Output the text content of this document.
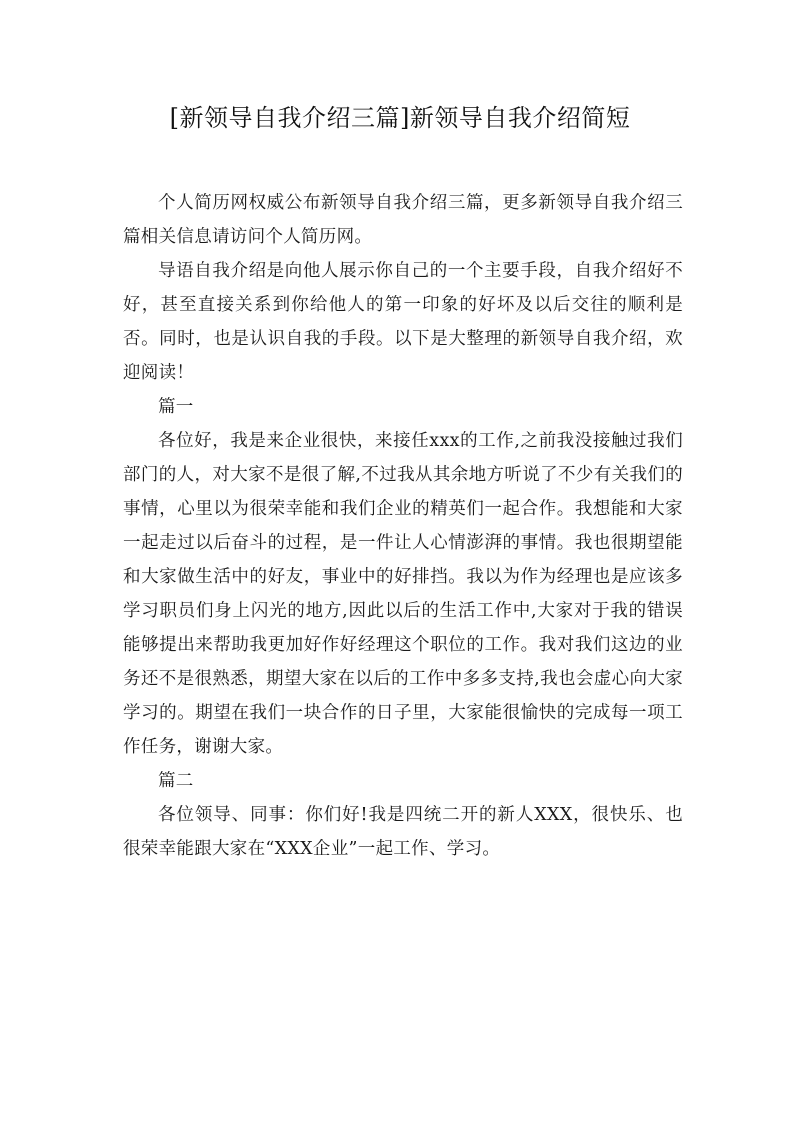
[新领导自我介绍三篇]新领导自我介绍简短

个人简历网权威公布新领导自我介绍三篇，更多新领导自我介绍三篇相关信息请访问个人简历网。

导语自我介绍是向他人展示你自己的一个主要手段，自我介绍好不好，甚至直接关系到你给他人的第一印象的好坏及以后交往的顺利是否。同时，也是认识自我的手段。以下是大整理的新领导自我介绍，欢迎阅读！

篇一

各位好，我是来企业很快，来接任xxx的工作,之前我没接触过我们部门的人，对大家不是很了解,不过我从其余地方听说了不少有关我们的事情，心里以为很荣幸能和我们企业的精英们一起合作。我想能和大家一起走过以后奋斗的过程，是一件让人心情澎湃的事情。我也很期望能和大家做生活中的好友，事业中的好排挡。我以为作为经理也是应该多学习职员们身上闪光的地方,因此以后的生活工作中,大家对于我的错误能够提出来帮助我更加好作好经理这个职位的工作。我对我们这边的业务还不是很熟悉，期望大家在以后的工作中多多支持,我也会虚心向大家学习的。期望在我们一块合作的日子里，大家能很愉快的完成每一项工作任务，谢谢大家。

篇二

各位领导、同事：你们好!我是四统二开的新人XXX，很快乐、也很荣幸能跟大家在“XXX企业”一起工作、学习。
